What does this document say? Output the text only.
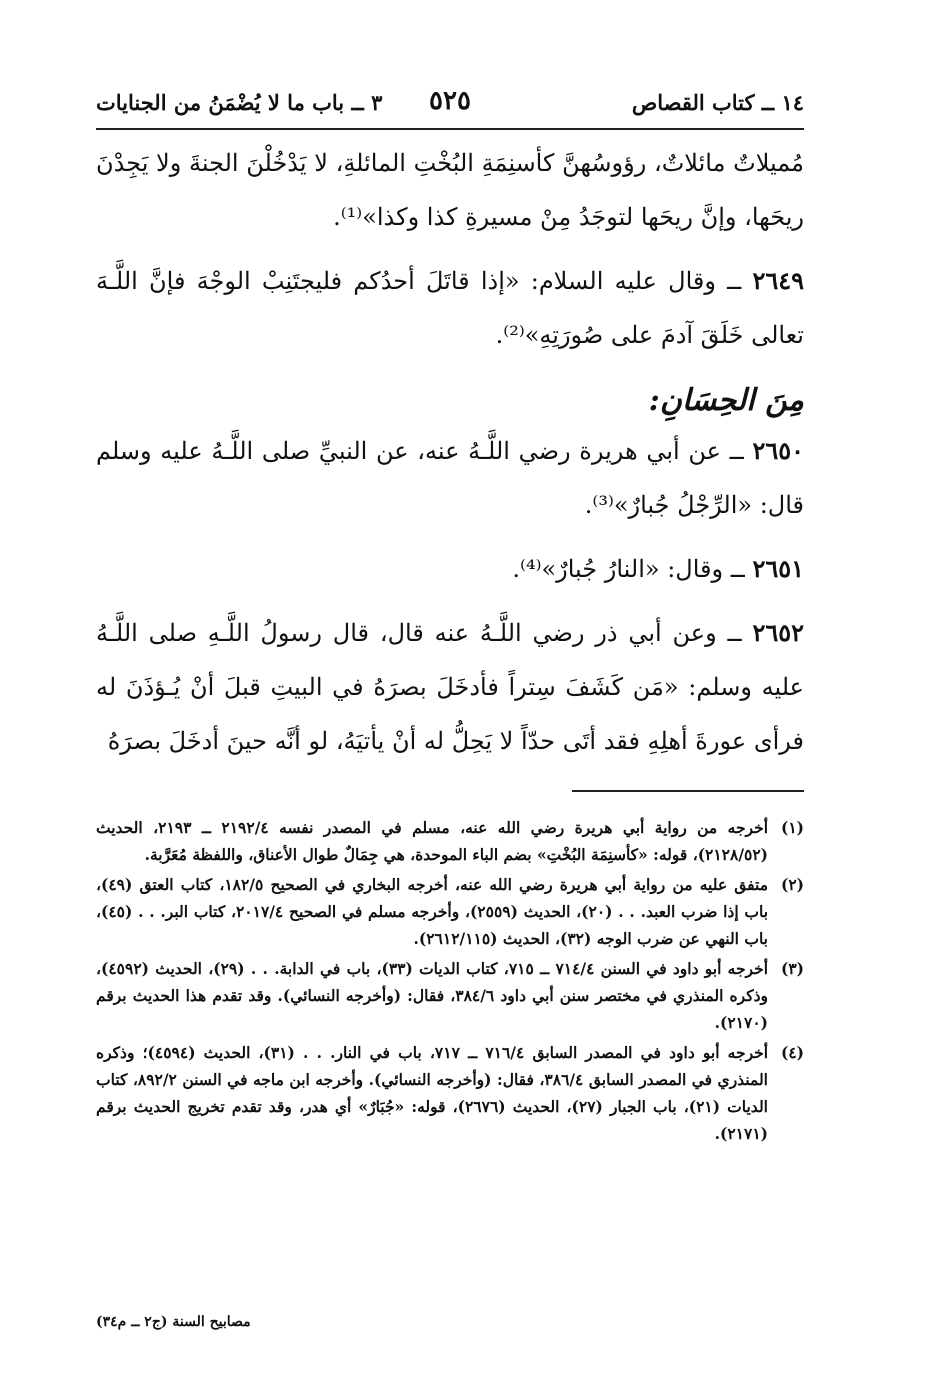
١٤ ــ كتاب القصاص
٥٢٥
٣ ــ باب ما لا يُضْمَنُ من الجنايات

مُميلاتٌ مائلاتٌ، رؤوسُهنَّ كأسنِمَةِ البُخْتِ المائلةِ، لا يَدْخُلْنَ الجنةَ ولا يَجِدْنَ ريحَها، وإنَّ ريحَها لتوجَدُ مِنْ مسيرةِ كذا وكذا»⁽¹⁾.

٢٦٤٩ ــ وقال عليه السلام: «إذا قاتَلَ أحدُكم فليجتَنِبْ الوجْهَ فإنَّ اللَّـهَ تعالى خَلَقَ آدمَ على صُورَتِهِ»⁽²⁾.

مِنَ الحِسَانِ:

٢٦٥٠ ــ عن أبي هريرة رضي اللَّـهُ عنه، عن النبيِّ صلى اللَّـهُ عليه وسلم قال: «الرِّجْلُ جُبارٌ»⁽³⁾.

٢٦٥١ ــ وقال: «النارُ جُبارٌ»⁽⁴⁾.

٢٦٥٢ ــ وعن أبي ذر رضي اللَّـهُ عنه قال، قال رسولُ اللَّـهِ صلى اللَّـهُ عليه وسلم: «مَن كَشَفَ سِتراً فأدخَلَ بصرَهُ في البيتِ قبلَ أنْ يُـؤذَنَ له فرأى عورةَ أهلِهِ فقد أتَى حدّاً لا يَحِلُّ له أنْ يأتيَهُ، لو أنَّه حينَ أدخَلَ بصرَهُ

(١)
أخرجه من رواية أبي هريرة رضي الله عنه، مسلم في المصدر نفسه ٢١٩٢/٤ ــ ٢١٩٣، الحديث (٢١٢٨/٥٢)، قوله: «كأسنِمَة البُخْتِ» بضم الباء الموحدة، هي جِمَالٌ طوال الأعناق، واللفظة مُعَرَّبة.
(٢)
متفق عليه من رواية أبي هريرة رضي الله عنه، أخرجه البخاري في الصحيح ١٨٢/٥، كتاب العتق (٤٩)، باب إذا ضرب العبد. . . (٢٠)، الحديث (٢٥٥٩)، وأخرجه مسلم في الصحيح ٢٠١٧/٤، كتاب البر. . . (٤٥)، باب النهي عن ضرب الوجه (٣٢)، الحديث (٢٦١٢/١١٥).
(٣)
أخرجه أبو داود في السنن ٧١٤/٤ ــ ٧١٥، كتاب الديات (٣٣)، باب في الدابة. . . (٢٩)، الحديث (٤٥٩٢)، وذكره المنذري في مختصر سنن أبي داود ٣٨٤/٦، فقال: (وأخرجه النسائي). وقد تقدم هذا الحديث برقم (٢١٧٠).
(٤)
أخرجه أبو داود في المصدر السابق ٧١٦/٤ ــ ٧١٧، باب في النار. . . (٣١)، الحديث (٤٥٩٤)؛ وذكره المنذري في المصدر السابق ٣٨٦/٤، فقال: (وأخرجه النسائي). وأخرجه ابن ماجه في السنن ٨٩٢/٢، كتاب الديات (٢١)، باب الجبار (٢٧)، الحديث (٢٦٧٦)، قوله: «جُبَارٌ» أي هدر، وقد تقدم تخريج الحديث برقم (٢١٧١).
مصابيح السنة (ج٢ ــ م٣٤)
